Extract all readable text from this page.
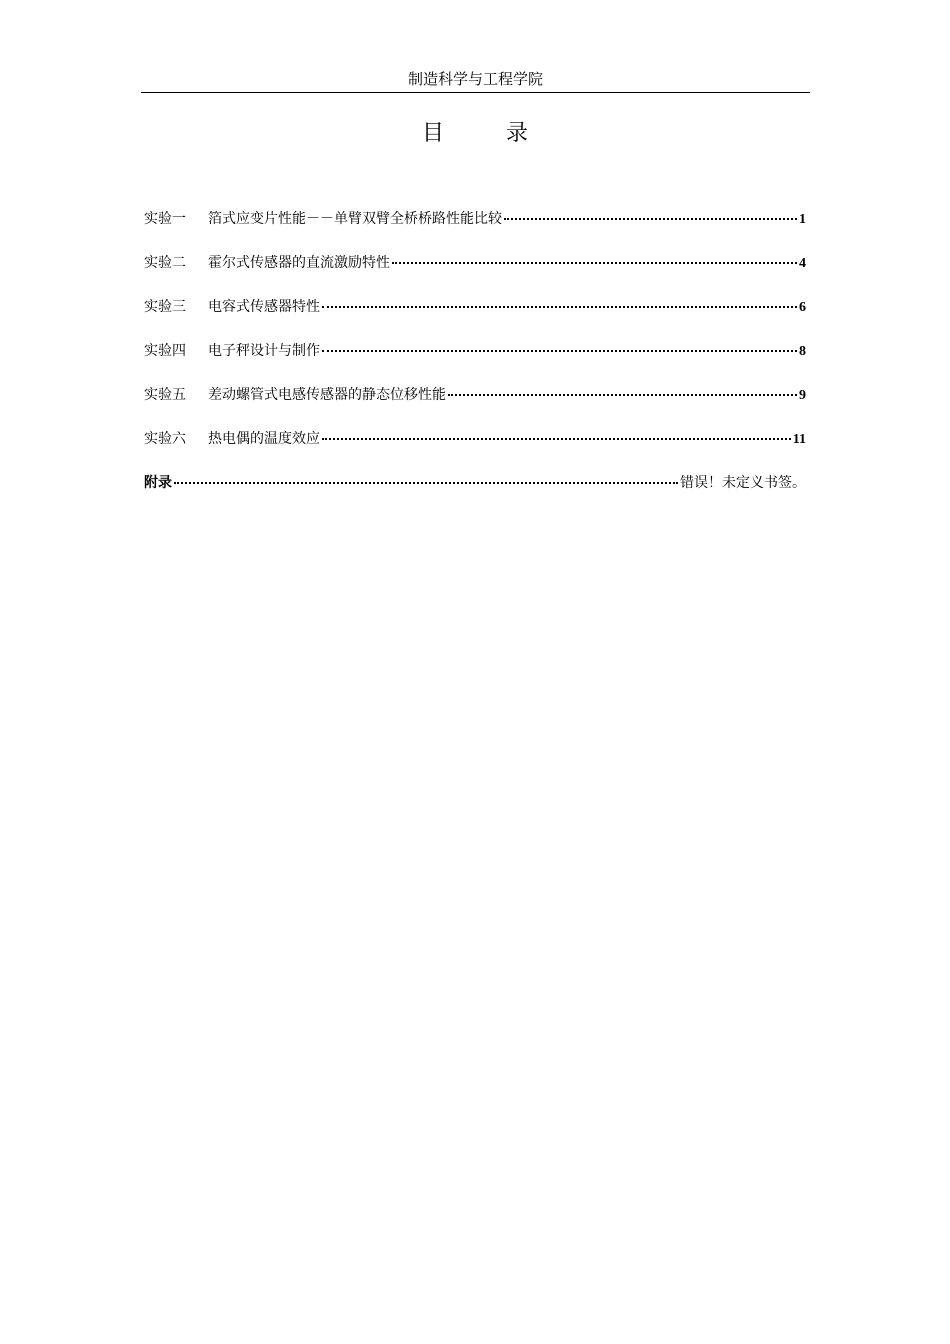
制造科学与工程学院
目录
实验一	箔式应变片性能－－单臂双臂全桥桥路性能比较	1
实验二	霍尔式传感器的直流激励特性	4
实验三	电容式传感器特性	6
实验四	电子秤设计与制作	8
实验五	差动螺管式电感传感器的静态位移性能	9
实验六	热电偶的温度效应	11
附录	错误！未定义书签。
